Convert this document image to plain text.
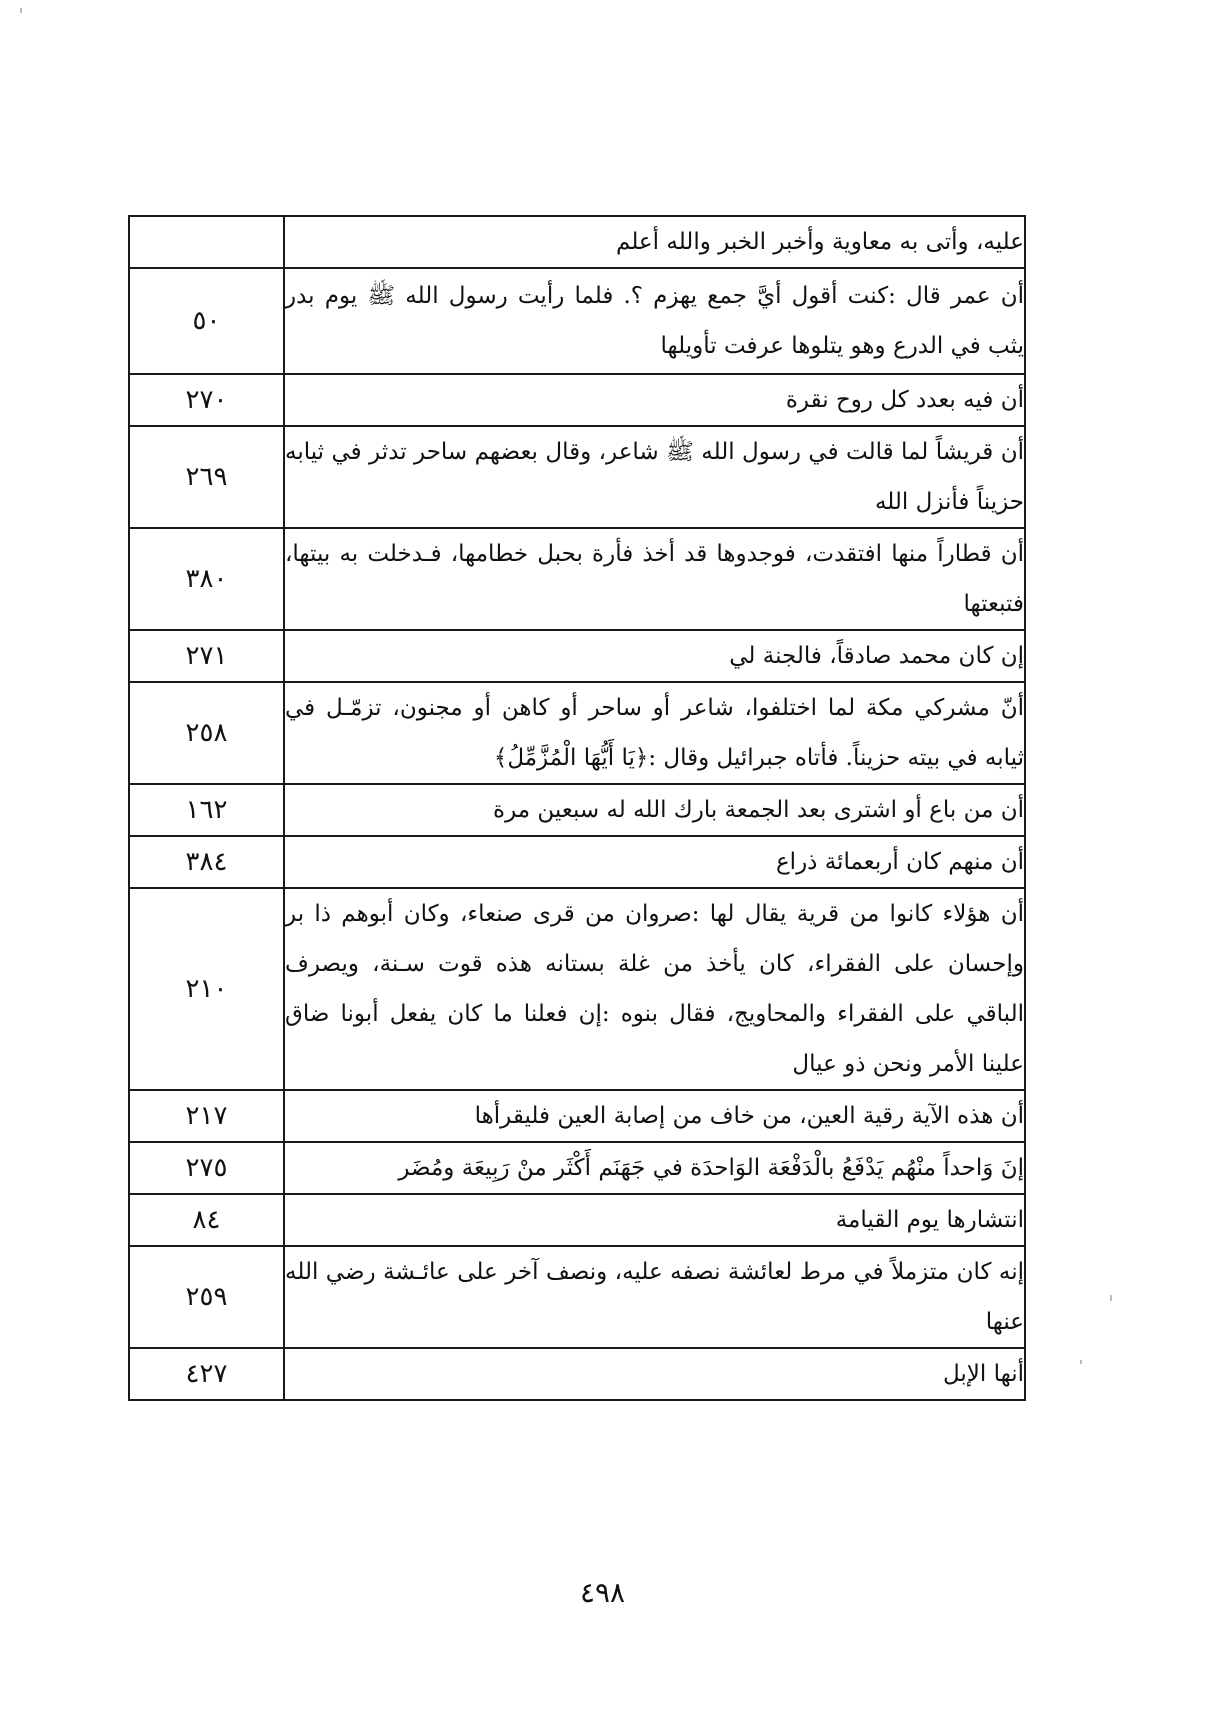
عليه، وأتى به معاوية وأخبر الخبر والله أعلم	
أن عمر قال :كنت أقول أيَّ جمع يهزم ؟. فلما رأيت رسول الله ﷺ يوم بدر يثب في الدرع وهو يتلوها عرفت تأويلها	٥٠
أن فيه بعدد كل روح نقرة	٢٧٠
أن قريشاً لما قالت في رسول الله ﷺ شاعر، وقال بعضهم ساحر تدثر في ثيابه حزيناً فأنزل الله	٢٦٩
أن قطاراً منها افتقدت، فوجدوها قد أخذ فأرة بحبل خطامها، فـدخلت به بيتها، فتبعتها	٣٨٠
إن كان محمد صادقاً، فالجنة لي	٢٧١
أنّ مشركي مكة لما اختلفوا، شاعر أو ساحر أو كاهن أو مجنون، تزمّـل في ثيابه في بيته حزيناً. فأتاه جبرائيل وقال :﴿يَا أَيُّهَا الْمُزَّمِّلُ﴾	٢٥٨
أن من باع أو اشترى بعد الجمعة بارك الله له سبعين مرة	١٦٢
أن منهم كان أربعمائة ذراع	٣٨٤
أن هؤلاء كانوا من قرية يقال لها :صروان من قرى صنعاء، وكان أبوهم ذا بر وإحسان على الفقراء، كان يأخذ من غلة بستانه هذه قوت سـنة، ويصرف الباقي على الفقراء والمحاويج، فقال بنوه :إن فعلنا ما كان يفعل أبونا ضاق علينا الأمر ونحن ذو عيال	٢١٠
أن هذه الآية رقية العين، من خاف من إصابة العين فليقرأها	٢١٧
إنَ وَاحداً منْهُم يَدْفَعُ بالْدَفْعَة الوَاحدَة في جَهَنَم أَكْثَر منْ رَبِيعَة ومُضَر	٢٧٥
انتشارها يوم القيامة	٨٤
إنه كان متزملاً في مرط لعائشة نصفه عليه، ونصف آخر على عائـشة رضي الله عنها	٢٥٩
أنها الإبل	٤٢٧
٤٩٨
